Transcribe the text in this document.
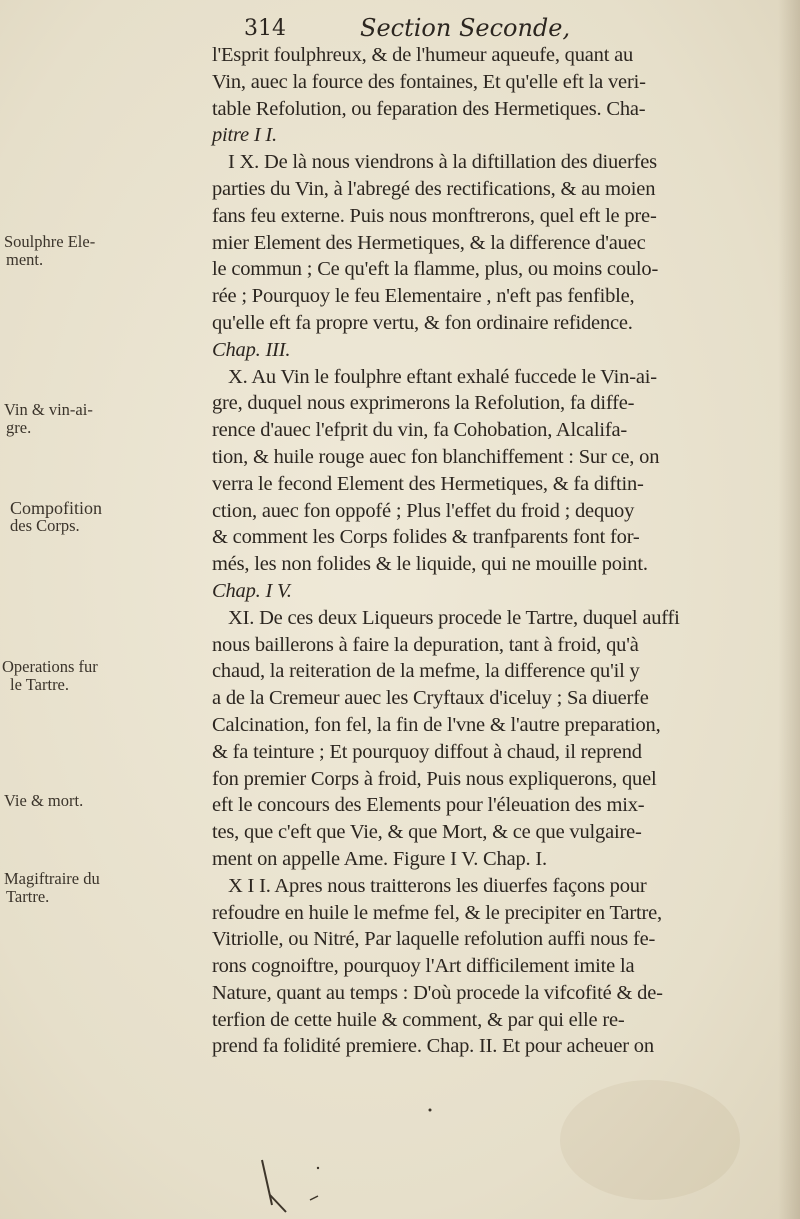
314	Section Seconde,
Soulphre Ele-
ment.
Vin & vin-ai-
gre.
Compofition
des Corps.
Operations fur
le Tartre.
Vie & mort.
Magiftraire du
Tartre.
l'Esprit foulphreux, & de l'humeur aqueufe, quant au
Vin, auec la fource des fontaines, Et qu'elle eft la veri-
table Refolution, ou feparation des Hermetiques. Cha-
pitre I I.
I X. De là nous viendrons à la diftillation des diuerfes
parties du Vin, à l'abregé des rectifications, & au moien
fans feu externe. Puis nous monftrerons, quel eft le pre-
mier Element des Hermetiques, & la difference d'auec
le commun ; Ce qu'eft la flamme, plus, ou moins coulo-
rée ; Pourquoy le feu Elementaire , n'eft pas fenfible,
qu'elle eft fa propre vertu, & fon ordinaire refidence.
Chap. III.
X. Au Vin le foulphre eftant exhalé fuccede le Vin-ai-
gre, duquel nous exprimerons la Refolution, fa diffe-
rence d'auec l'efprit du vin, fa Cohobation, Alcalifa-
tion, & huile rouge auec fon blanchiffement : Sur ce, on
verra le fecond Element des Hermetiques, & fa diftin-
ction, auec fon oppofé ; Plus l'effet du froid ; dequoy
& comment les Corps folides & tranfparents font for-
més, les non folides & le liquide, qui ne mouille point.
Chap. I V.
XI. De ces deux Liqueurs procede le Tartre, duquel auffi
nous baillerons à faire la depuration, tant à froid, qu'à
chaud, la reiteration de la mefme, la difference qu'il y
a de la Cremeur auec les Cryftaux d'iceluy ; Sa diuerfe
Calcination, fon fel, la fin de l'vne & l'autre preparation,
& fa teinture ; Et pourquoy diffout à chaud, il reprend
fon premier Corps à froid, Puis nous expliquerons, quel
eft le concours des Elements pour l'éleuation des mix-
tes, que c'eft que Vie, & que Mort, & ce que vulgaire-
ment on appelle Ame. Figure I V. Chap. I.
X I I. Apres nous traitterons les diuerfes façons pour
refoudre en huile le mefme fel, & le precipiter en Tartre,
Vitriolle, ou Nitré, Par laquelle refolution auffi nous fe-
rons cognoiftre, pourquoy l'Art difficilement imite la
Nature, quant au temps : D'où procede la vifcofité & de-
terfion de cette huile & comment, & par qui elle re-
prend fa folidité premiere. Chap. II. Et pour acheuer on
